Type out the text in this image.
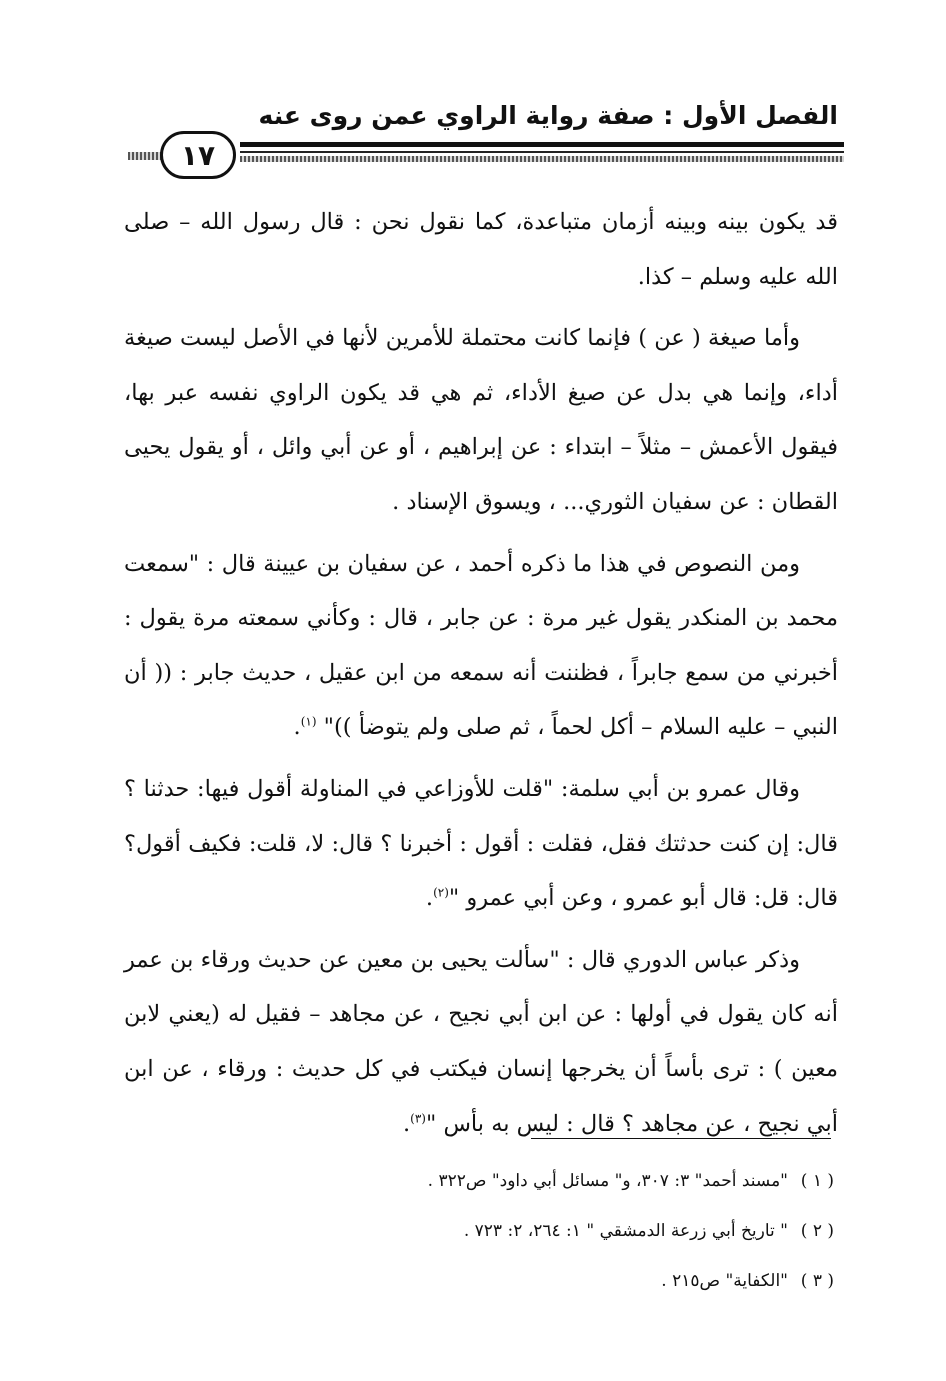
الفصل الأول : صفة رواية الراوي عمن روى عنه
١٧

قد يكون بينه وبينه أزمان متباعدة، كما نقول نحن : قال رسول الله – صلى الله عليه وسلم – كذا.

وأما صيغة ( عن ) فإنما كانت محتملة للأمرين لأنها في الأصل ليست صيغة أداء، وإنما هي بدل عن صيغ الأداء، ثم هي قد يكون الراوي نفسه عبر بها، فيقول الأعمش – مثلاً – ابتداء : عن إبراهيم ، أو عن أبي وائل ، أو يقول يحيى القطان : عن سفيان الثوري... ، ويسوق الإسناد .

ومن النصوص في هذا ما ذكره أحمد ، عن سفيان بن عيينة قال : "سمعت محمد بن المنكدر يقول غير مرة : عن جابر ، قال : وكأني سمعته مرة يقول : أخبرني من سمع جابراً ، فظننت أنه سمعه من ابن عقيل ، حديث جابر : (( أن النبي – عليه السلام – أكل لحماً ، ثم صلى ولم يتوضأ ))" $^{(١)}$.

وقال عمرو بن أبي سلمة: "قلت للأوزاعي في المناولة أقول فيها: حدثنا ؟ قال: إن كنت حدثتك فقل، فقلت : أقول : أخبرنا ؟ قال: لا، قلت: فكيف أقول؟ قال: قل: قال أبو عمرو ، وعن أبي عمرو "$^{(٢)}$.

وذكر عباس الدوري قال : "سألت يحيى بن معين عن حديث ورقاء بن عمر أنه كان يقول في أولها : عن ابن أبي نجيح ، عن مجاهد – فقيل له (يعني لابن معين ) : ترى بأساً أن يخرجها إنسان فيكتب في كل حديث : ورقاء ، عن ابن أبي نجيح ، عن مجاهد ؟ قال : ليس به بأس "$^{(٣)}$.

( ١ )"مسند أحمد" ٣: ٣٠٧، و" مسائل أبي داود" ص٣٢٢ .

( ٢ )" تاريخ أبي زرعة الدمشقي " ١: ٢٦٤، ٢: ٧٢٣ .

( ٣ )"الكفاية" ص٢١٥ .
